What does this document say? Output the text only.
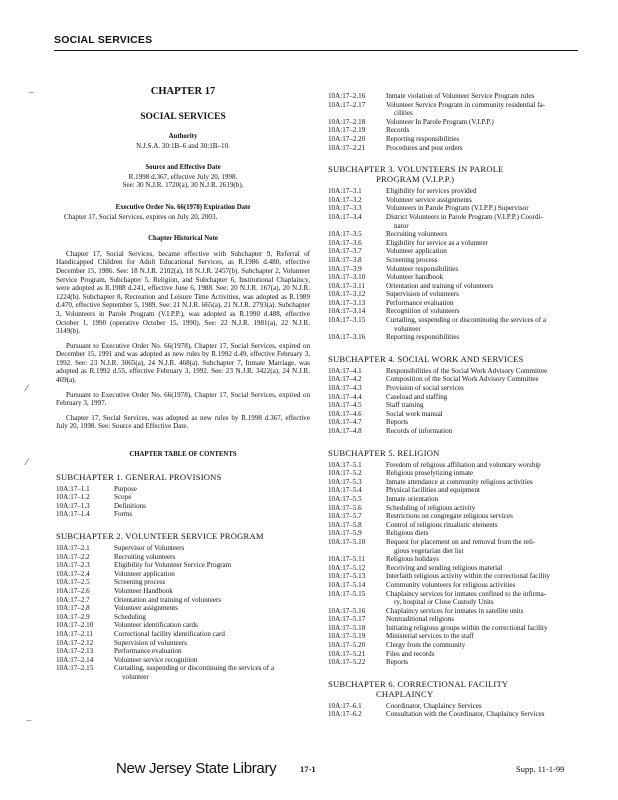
SOCIAL SERVICES
⌣
⁄
⁄
⌣
CHAPTER 17
SOCIAL SERVICES
Authority
N.J.S.A. 30:1B–6 and 30:1B–10.
Source and Effective Date
R.1998 d.367, effective July 20, 1998.
See: 30 N.J.R. 1720(a), 30 N.J.R. 2619(b).
Executive Order No. 66(1978) Expiration Date
Chapter 17, Social Services, expires on July 20, 2003.
Chapter Historical Note

Chapter 17, Social Services, became effective with Subchapter 9, Referral of Handicapped Children for Adult Educational Services, as R.1986 d.480, effective December 15, 1986. See: 18 N.J.R. 2102(a), 18 N.J.R. 2457(b). Subchapter 2, Volunteer Service Program, Subchapter 5, Religion, and Subchapter 6, Institutional Chaplaincy, were adopted as R.1988 d.241, effective June 6, 1988. See: 20 N.J.R. 167(a), 20 N.J.R. 1224(b). Subchapter 8, Recreation and Leisure Time Activities, was adopted as R.1989 d.470, effective September 5, 1989. See: 21 N.J.R. 665(a), 21 N.J.R. 2793(a). Subchapter 3, Volunteers in Parole Program (V.I.P.P.), was adopted as R.1990 d.488, effective October 1, 1990 (operative October 15, 1990). See: 22 N.J.R. 1981(a), 22 N.J.R. 3149(b).

Pursuant to Executive Order No. 66(1978), Chapter 17, Social Services, expired on December 15, 1991 and was adopted as new rules by R.1992 d.49, effective February 3, 1992. See: 23 N.J.R. 3065(a), 24 N.J.R. 468(a). Subchapter 7, Inmate Marriage, was adopted as R.1992 d.55, effective February 3, 1992. See: 23 N.J.R. 3422(a), 24 N.J.R. 469(a).

Pursuant to Executive Order No. 66(1978), Chapter 17, Social Services, expired on February 3, 1997.

Chapter 17, Social Services, was adopted as new rules by R.1998 d.367, effective July 20, 1998. See: Source and Effective Date.

CHAPTER TABLE OF CONTENTS
SUBCHAPTER 1. GENERAL PROVISIONS
10A:17–1.1	Purpose
10A:17–1.2	Scope
10A:17–1.3	Definitions
10A:17–1.4	Forms
SUBCHAPTER 2. VOLUNTEER SERVICE PROGRAM
10A:17–2.1	Supervisor of Volunteers
10A:17–2.2	Recruiting volunteers
10A:17–2.3	Eligibility for Volunteer Service Program
10A:17–2.4	Volunteer application
10A:17–2.5	Screening process
10A:17–2.6	Volunteer Handbook
10A:17–2.7	Orientation and training of volunteers
10A:17–2.8	Volunteer assignments
10A:17–2.9	Scheduling
10A:17–2.10	Volunteer identification cards
10A:17–2.11	Correctional facility identification card
10A:17–2.12	Supervision of volunteers
10A:17–2.13	Performance evaluation
10A:17–2.14	Volunteer service recognition
10A:17–2.15	Curtailing, suspending or discontinuing the services of a
volunteer
10A:17–2.16	Inmate violation of Volunteer Service Program rules
10A:17–2.17	Volunteer Service Program in community residential fa-
cilities
10A:17–2.18	Volunteer In Parole Program (V.I.P.P.)
10A:17–2.19	Records
10A:17–2.20	Reporting responsibilities
10A:17–2.21	Procedures and post orders
SUBCHAPTER 3. VOLUNTEERS IN PAROLE
PROGRAM (V.I.P.P.)
10A:17–3.1	Eligibility for services provided
10A:17–3.2	Volunteer service assignments
10A:17–3.3	Volunteers in Parole Program (V.I.P.P.) Supervisor
10A:17–3.4	District Volunteers in Parole Program (V.I.P.P.) Coordi-
nator
10A:17–3.5	Recruiting volunteers
10A:17–3.6	Eligibility for service as a volunteer
10A:17–3.7	Volunteer application
10A:17–3.8	Screening process
10A:17–3.9	Volunteer responsibilities
10A:17–3.10	Volunteer handbook
10A:17–3.11	Orientation and training of volunteers
10A:17–3.12	Supervision of volunteers
10A:17–3.13	Performance evaluation
10A:17–3.14	Recognition of volunteers
10A:17–3.15	Curtailing, suspending or discontinuing the services of a
volunteer
10A:17–3.16	Reporting responsibilities
SUBCHAPTER 4. SOCIAL WORK AND SERVICES
10A:17–4.1	Responsibilities of the Social Work Advisory Committee
10A:17–4.2	Composition of the Social Work Advisory Committee
10A:17–4.3	Provision of social services
10A:17–4.4	Caseload and staffing
10A:17–4.5	Staff training
10A:17–4.6	Social work manual
10A:17–4.7	Reports
10A:17–4.8	Records of information
SUBCHAPTER 5. RELIGION
10A:17–5.1	Freedom of religious affiliation and voluntary worship
10A:17–5.2	Religious proselytizing inmate
10A:17–5.3	Inmate attendance at community religious activities
10A:17–5.4	Physical facilities and equipment
10A:17–5.5	Inmate orientation
10A:17–5.6	Scheduling of religious activity
10A:17–5.7	Restrictions on congregate religious services
10A:17–5.8	Control of religious ritualistic elements
10A:17–5.9	Religious diets
10A:17–5.10	Request for placement on and removal from the reli-
gious vegetarian diet list
10A:17–5.11	Religious holidays
10A:17–5.12	Receiving and sending religious material
10A:17–5.13	Interfaith religious activity within the correctional facility
10A:17–5.14	Community volunteers for religious activities
10A:17–5.15	Chaplaincy services for inmates confined to the infirma-
ry, hospital or Close Custody Units
10A:17–5.16	Chaplaincy services for inmates in satellite units
10A:17–5.17	Nontraditional religions
10A:17–5.18	Initiating religious groups within the correctional facility
10A:17–5.19	Ministerial services to the staff
10A:17–5.20	Clergy from the community
10A:17–5.21	Files and records
10A:17–5.22	Reports
SUBCHAPTER 6. CORRECTIONAL FACILITY
CHAPLAINCY
10A:17–6.1	Coordinator, Chaplaincy Services
10A:17–6.2	Consultation with the Coordinator, Chaplaincy Services
New Jersey State Library	17-1	Supp. 11-1-99
